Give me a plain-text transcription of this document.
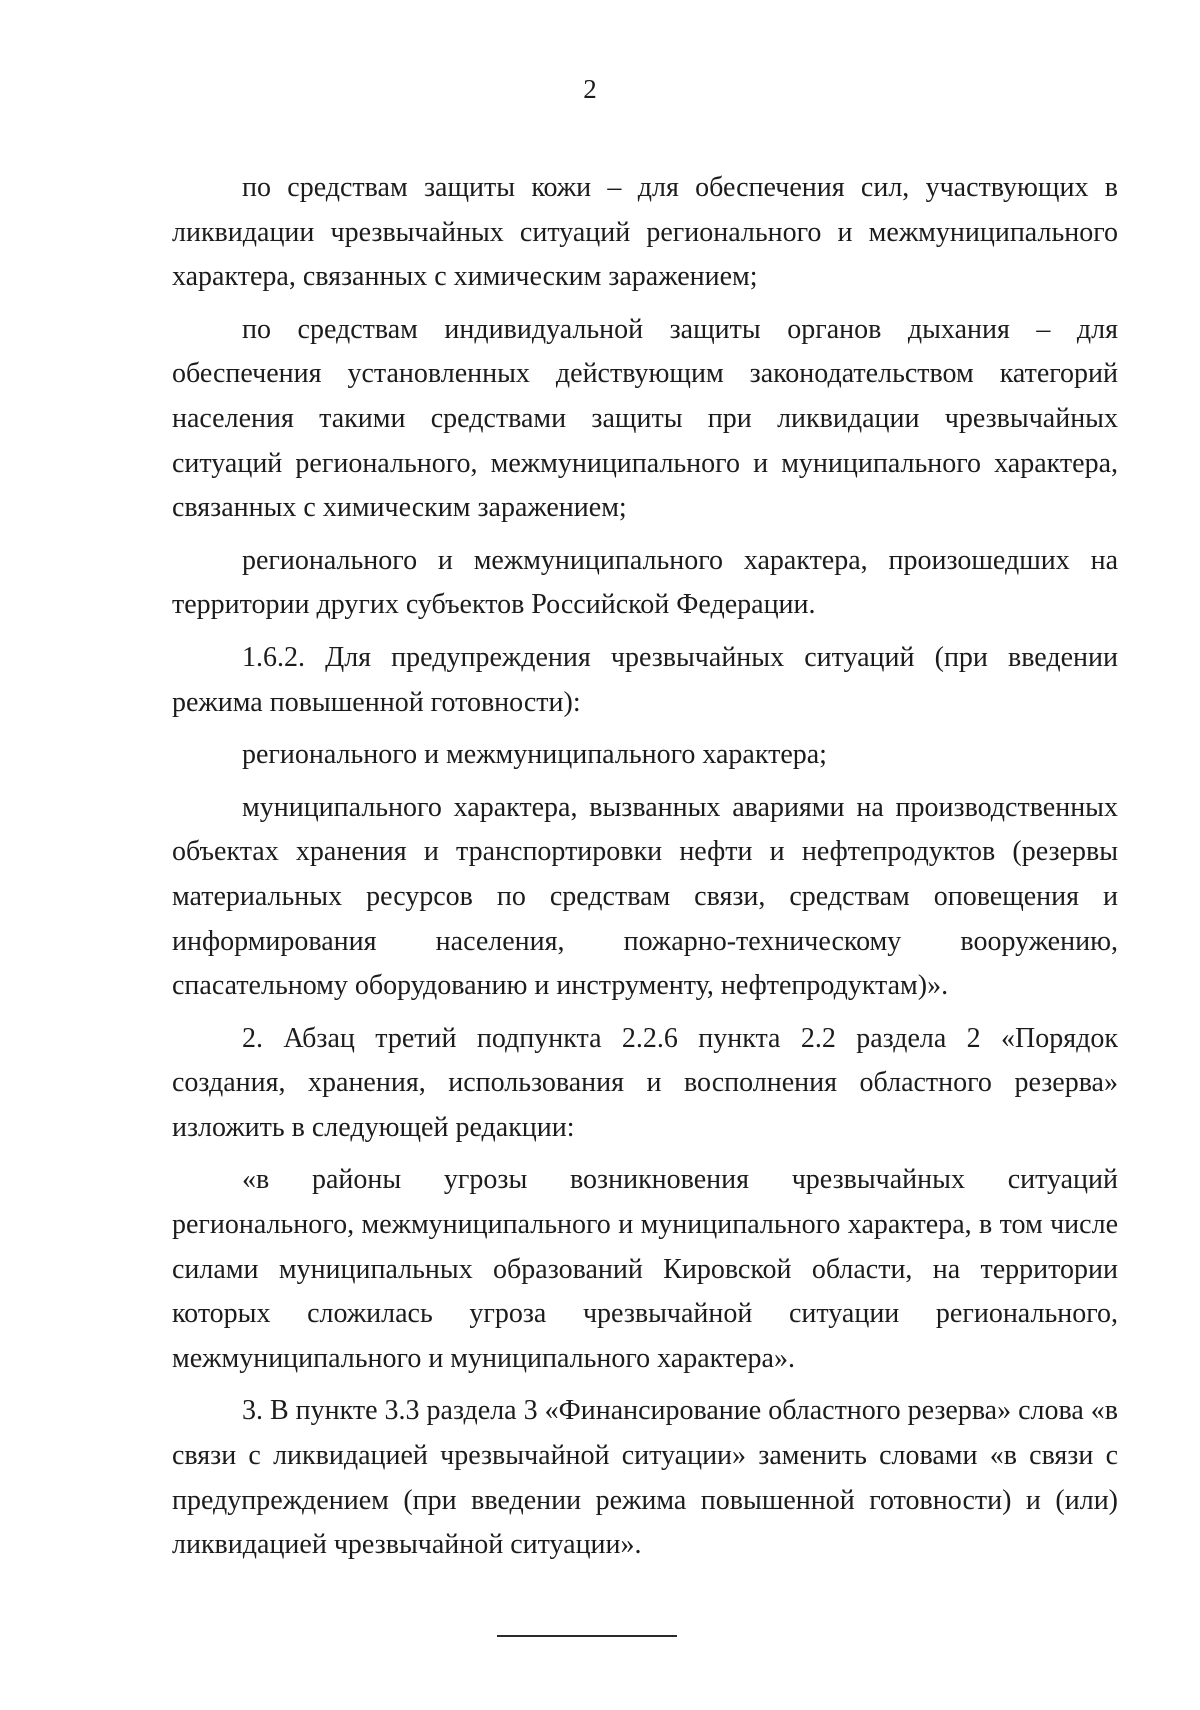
2

по средствам защиты кожи – для обеспечения сил, участвующих в ликвидации чрезвычайных ситуаций регионального и межмуниципального характера, связанных с химическим заражением;

по средствам индивидуальной защиты органов дыхания – для обеспечения установленных действующим законодательством категорий населения такими средствами защиты при ликвидации чрезвычайных ситуаций регионального, межмуниципального и муниципального характера, связанных с химическим заражением;

регионального и межмуниципального характера, произошедших на территории других субъектов Российской Федерации.

1.6.2. Для предупреждения чрезвычайных ситуаций (при введении режима повышенной готовности):

регионального и межмуниципального характера;

муниципального характера, вызванных авариями на производственных объектах хранения и транспортировки нефти и нефтепродуктов (резервы материальных ресурсов по средствам связи, средствам оповещения и информирования населения, пожарно-техническому вооружению, спасательному оборудованию и инструменту, нефтепродуктам)».

2. Абзац третий подпункта 2.2.6 пункта 2.2 раздела 2 «Порядок создания, хранения, использования и восполнения областного резерва» изложить в следующей редакции:

«в районы угрозы возникновения чрезвычайных ситуаций регионального, межмуниципального и муниципального характера, в том числе силами муниципальных образований Кировской области, на территории которых сложилась угроза чрезвычайной ситуации регионального, межмуниципального и муниципального характера».

3. В пункте 3.3 раздела 3 «Финансирование областного резерва» слова «в связи с ликвидацией чрезвычайной ситуации» заменить словами «в связи с предупреждением (при введении режима повышенной готовности) и (или) ликвидацией чрезвычайной ситуации».
